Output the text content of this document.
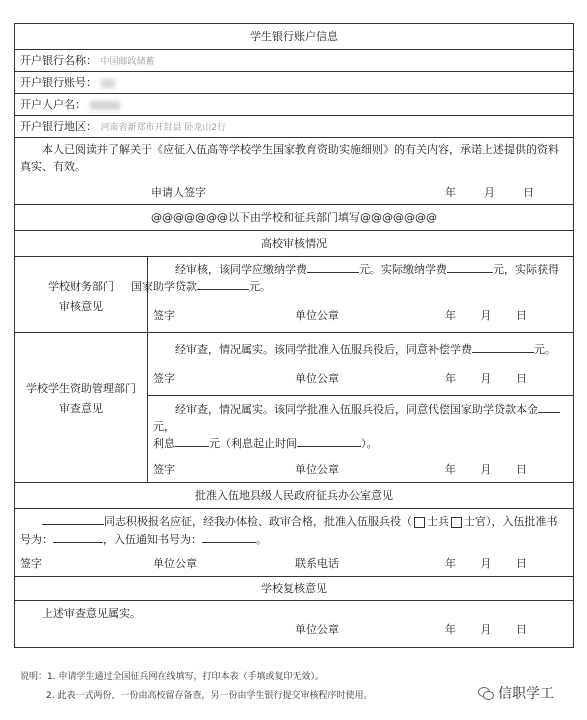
学生银行账户信息
开户银行名称： 中国邮政储蓄
开户银行账号：
开户人户名：
开户银行地区： 河南省新郑市开封县 卧龙山2行
本人已阅读并了解关于《应征入伍高等学校学生国家教育资助实施细则》的有关内容，承诺上述提供的资料真实、有效。
申请人签字	年	月	日
@@@@@@@以下由学校和征兵部门填写@@@@@@@
高校审核情况
学校财务部门
审核意见
经审核，该同学应缴纳学费	元。实际缴纳学费	元，实际获得
国家助学贷款	元。
签字	单位公章	年 月 日
学校学生资助管理部门
审查意见
经审查，情况属实。该同学批准入伍服兵役后，同意补偿学费	元。
签字	单位公章	年 月 日
经审查，情况属实。该同学批准入伍服兵役后，同意代偿国家助学贷款本金元，
利息	元（利息起止时间	）。
签字	单位公章	年 月 日
批准入伍地县级人民政府征兵办公室意见
同志积极报名应征，经我办体检、政审合格，批准入伍服兵役（ 士兵 士官），入伍批准书
号为：	，入伍通知书号为：	。
签字	单位公章	联系电话	年 月 日
学校复核意见
上述审查意见属实。
单位公章	年 月 日
说明：1. 申请学生通过全国征兵网在线填写，打印本表（手填或复印无效）。
2. 此表一式两份，一份由高校留存备查，另一份由学生银行提交审核程序时使用。	信职学工
